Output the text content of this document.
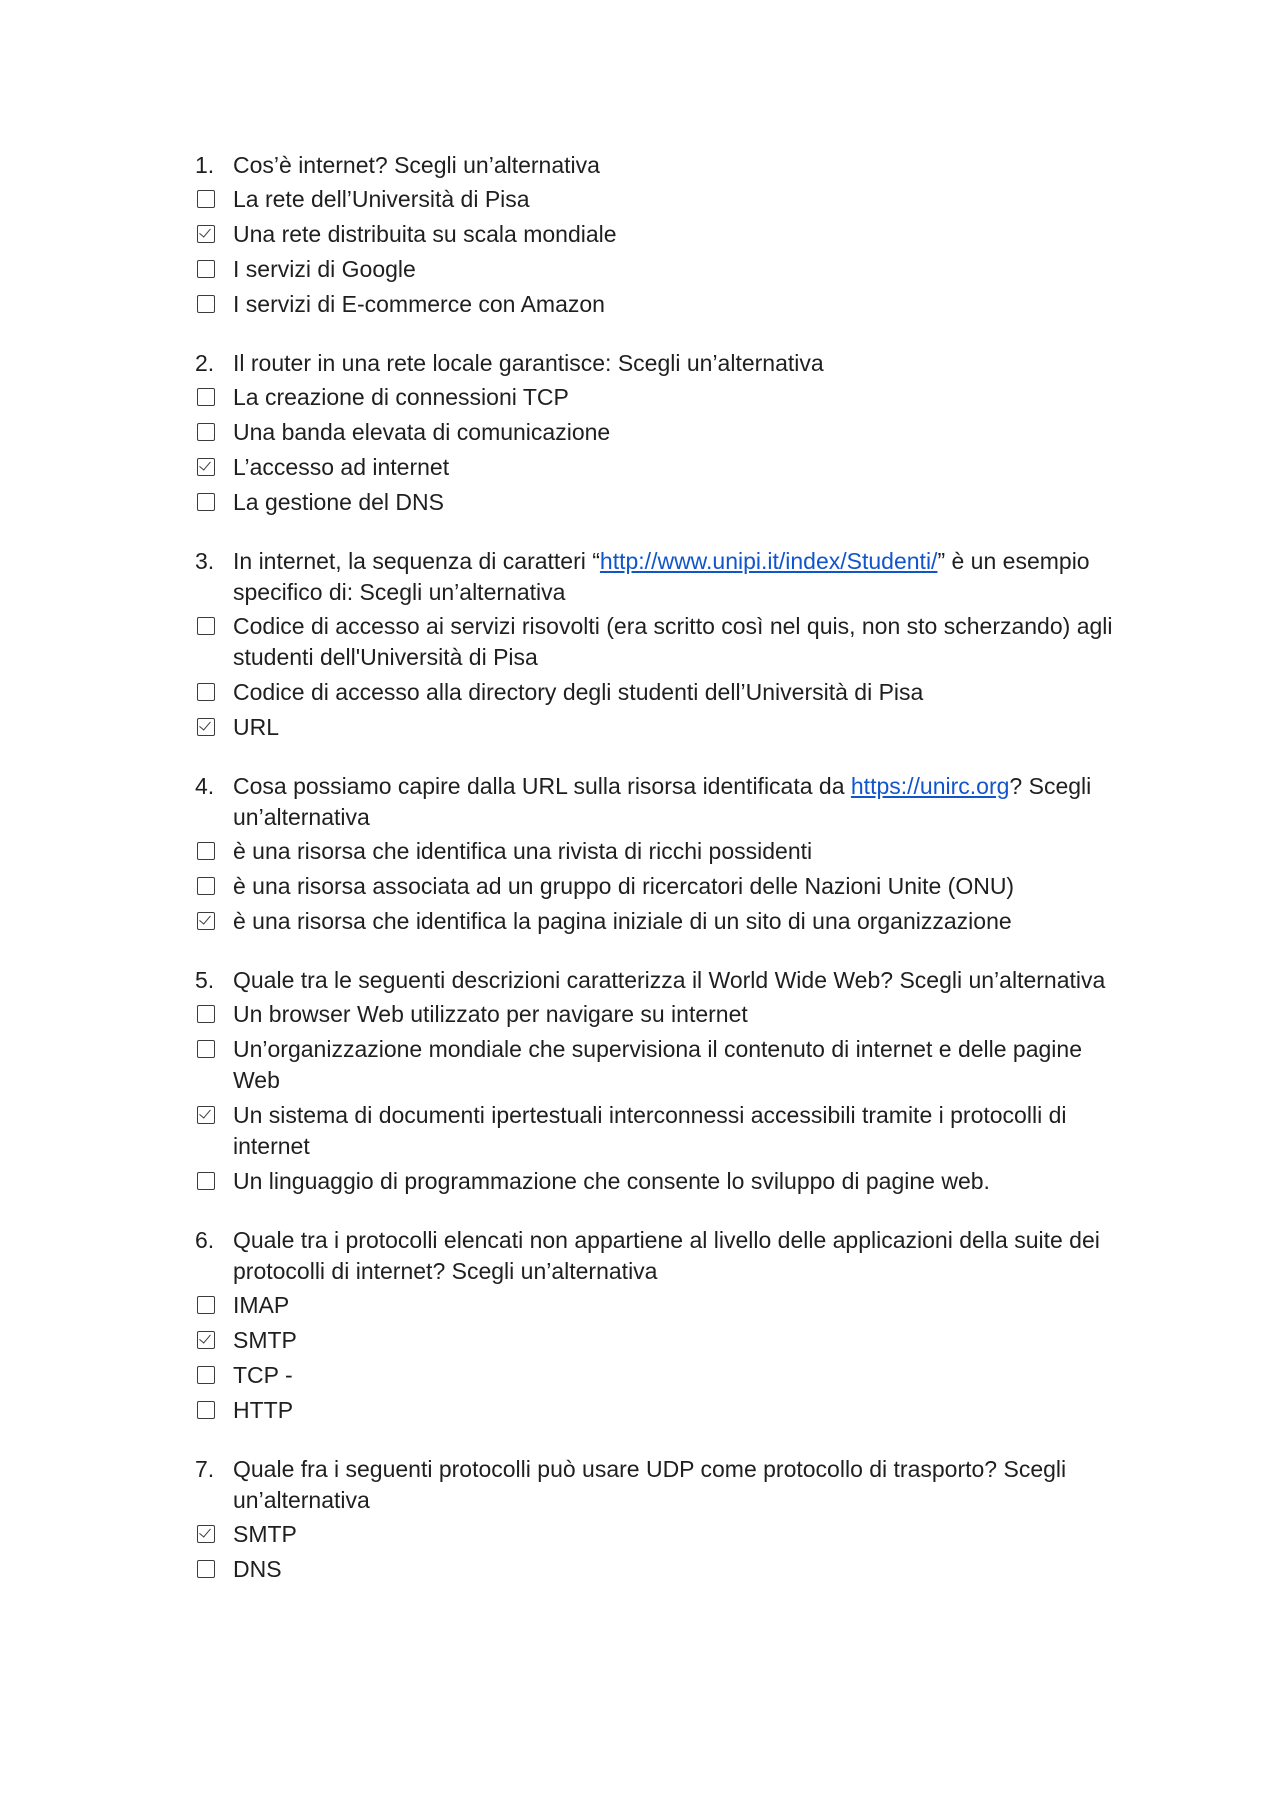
1. Cos’è internet? Scegli un’alternativa
La rete dell’Università di Pisa
Una rete distribuita su scala mondiale
I servizi di Google
I servizi di E-commerce con Amazon
2. Il router in una rete locale garantisce: Scegli un’alternativa
La creazione di connessioni TCP
Una banda elevata di comunicazione
L’accesso ad internet
La gestione del DNS
3. In internet, la sequenza di caratteri “http://www.unipi.it/index/Studenti/” è un esempio specifico di: Scegli un’alternativa
Codice di accesso ai servizi risovolti (era scritto così nel quis, non sto scherzando) agli studenti dell'Università di Pisa
Codice di accesso alla directory degli studenti dell’Università di Pisa
URL
4. Cosa possiamo capire dalla URL sulla risorsa identificata da https://unirc.org? Scegli un’alternativa
è una risorsa che identifica una rivista di ricchi possidenti
è una risorsa associata ad un gruppo di ricercatori delle Nazioni Unite (ONU)
è una risorsa che identifica la pagina iniziale di un sito di una organizzazione
5. Quale tra le seguenti descrizioni caratterizza il World Wide Web? Scegli un’alternativa
Un browser Web utilizzato per navigare su internet
Un’organizzazione mondiale che supervisiona il contenuto di internet e delle pagine Web
Un sistema di documenti ipertestuali interconnessi accessibili tramite i protocolli di internet
Un linguaggio di programmazione che consente lo sviluppo di pagine web.
6. Quale tra i protocolli elencati non appartiene al livello delle applicazioni della suite dei protocolli di internet? Scegli un’alternativa
IMAP
SMTP
TCP -
HTTP
7. Quale fra i seguenti protocolli può usare UDP come protocollo di trasporto? Scegli un’alternativa
SMTP
DNS
